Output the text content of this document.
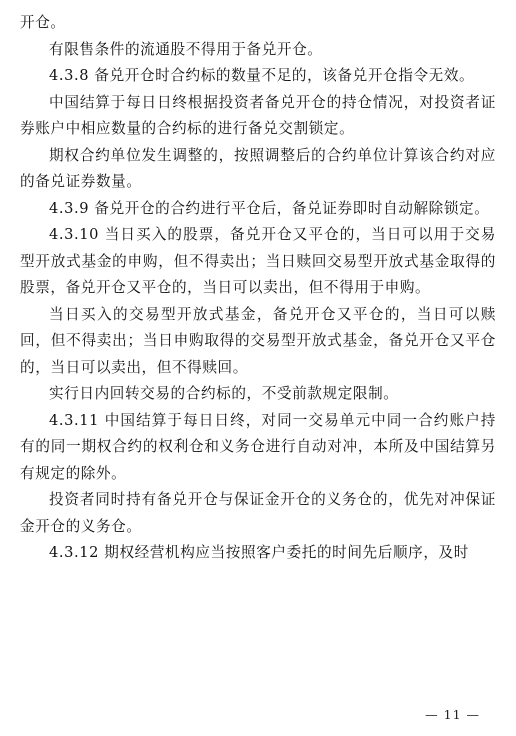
开仓。

有限售条件的流通股不得用于备兑开仓。

4.3.8 备兑开仓时合约标的数量不足的，该备兑开仓指令无效。

中国结算于每日日终根据投资者备兑开仓的持仓情况，对投资者证券账户中相应数量的合约标的进行备兑交割锁定。

期权合约单位发生调整的，按照调整后的合约单位计算该合约对应的备兑证券数量。

4.3.9 备兑开仓的合约进行平仓后，备兑证券即时自动解除锁定。

4.3.10 当日买入的股票，备兑开仓又平仓的，当日可以用于交易型开放式基金的申购，但不得卖出；当日赎回交易型开放式基金取得的股票，备兑开仓又平仓的，当日可以卖出，但不得用于申购。

当日买入的交易型开放式基金，备兑开仓又平仓的，当日可以赎回，但不得卖出；当日申购取得的交易型开放式基金，备兑开仓又平仓的，当日可以卖出，但不得赎回。

实行日内回转交易的合约标的，不受前款规定限制。

4.3.11 中国结算于每日日终，对同一交易单元中同一合约账户持有的同一期权合约的权利仓和义务仓进行自动对冲，本所及中国结算另有规定的除外。

投资者同时持有备兑开仓与保证金开仓的义务仓的，优先对冲保证金开仓的义务仓。

4.3.12 期权经营机构应当按照客户委托的时间先后顺序，及时

— 11 —
